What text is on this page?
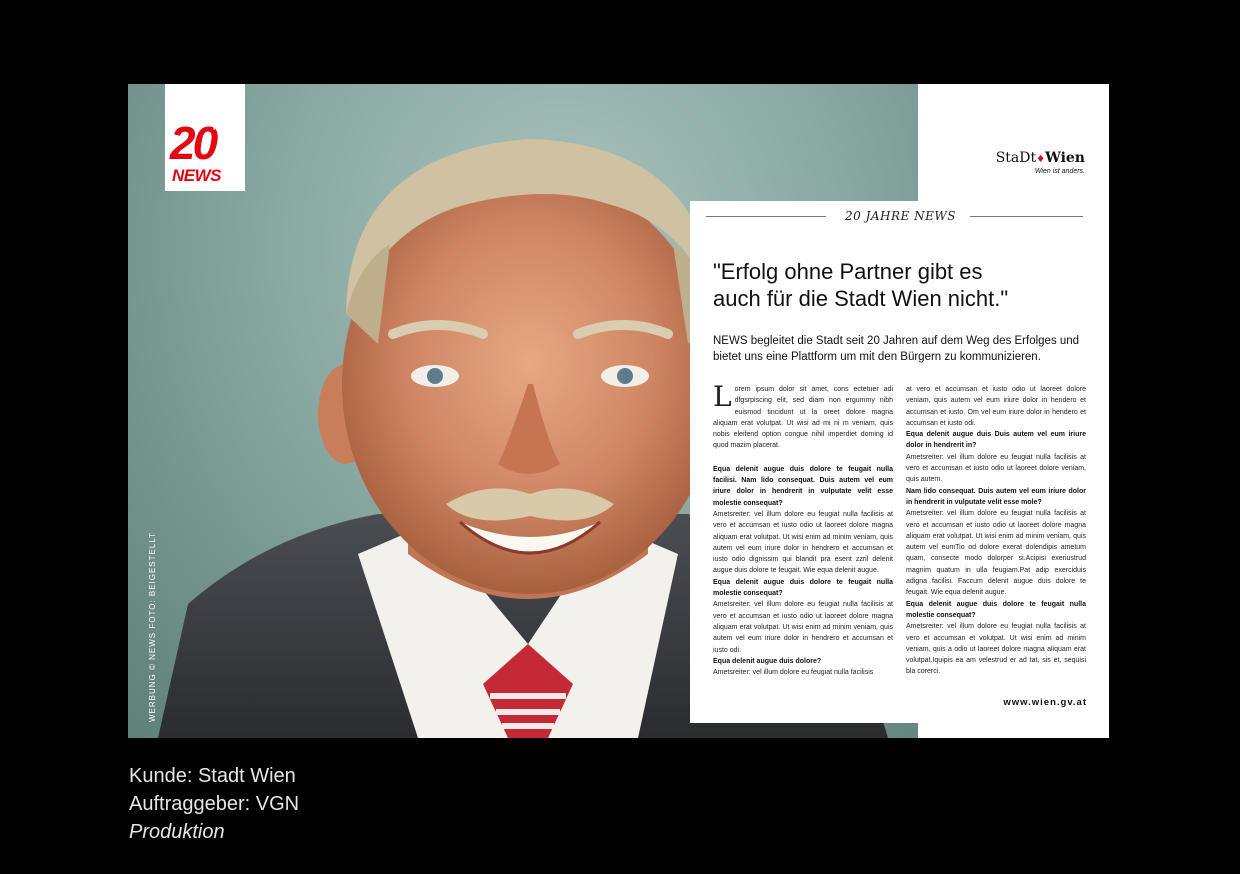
20
Jahre
NEWS
WERBUNG © NEWS FOTO: BEIGESTELLT
StaDt♦Wien
Wien ist anders.
20 JAHRE NEWS
"Erfolg ohne Partner gibt es
auch für die Stadt Wien nicht."
NEWS begleitet die Stadt seit 20 Jahren auf dem Weg des Erfolges und bietet uns eine Plattform um mit den Bürgern zu kommunizieren.

Lorem ipsum dolor sit amet, cons ectetuer adi dfgsrpiscing elit, sed diam non ergummy nibh euismod tincidunt ut la oreet dolore magna aliquam erat volutpat. Ut wisi ad mi ni m veniam, quis nobis eleifend option congue nihil imperdiet doming id quod mazim placerat.

Equa delenit augue duis dolore te feugait nulla facilisi. Nam lido consequat. Duis autem vel eum iriure dolor in hendrerit in vulputate velit esse molestie consequat?

Ametsreiter: vel illum dolore eu feugiat nulla facilisis at vero et accumsan et iusto odio ut laoreet dolore magna aliquam erat volutpat. Ut wisi enim ad minim veniam, quis autem vel eum iriure dolor in hendrero et accumsan et iusto odio dignissim qui blandit pra esent zzril delenit augue duis dolore te feugait. Wie equa delenit augue.

Equa delenit augue duis dolore te feugait nulla molestie consequat?

Ametsreiter: vel illum dolore eu feugiat nulla facilisis at vero et accumsan et iusto odio ut laoreet dolore magna aliquam erat volutpat. Ut wisi enim ad minim veniam, quis autem vel eum iriure dolor in hendrero et accumsan et iusto odi.

Equa delenit augue duis dolore?

Ametsreiter: vel illum dolore eu feugiat nulla facilisis

at vero et accumsan et iusto odio ut laoreet dolore veniam, quis autem vel eum iriure dolor in hendero et accumsan et iusto. Om vel eum iriure dolor in hendero et accumsan et iusto odi.

Equa delenit augue duis Duis autem vel eum iriure dolor in hendrerit in?

Ametsreiter: vel illum dolore eu feugiat nulla facilisis at vero et accumsan et iusto odio ut laoreet dolore veniam, quis autem.

Nam lido consequat. Duis autem vel eum iriure dolor in hendrerit in vulputate velit esse mole?

Ametsreiter: vel illum dolore eu feugiat nulla facilisis at vero et accumsan et iusto odio ut laoreet dolore magna aliquam erat volutpat. Ut wisi enim ad minim veniam, quis autem vel eumTio od dolore exerat dolendipis ametum quam, consecte modo dolorper si.Acipisi exeriustrud magnim quatum in ulla feugiam.Pat adip exerciduis adigna facilisi. Faccum delenit augue duis dolore te feugait. Wie equa delenit augue.

Equa delenit augue duis dolore te feugait nulla molestie consequat?

Ametsreiter: vel illum dolore eu feugiat nulla facilisis at vero et accumsan et volutpat. Ut wisi enim ad minim veniam, quis a odio ut laoreet dolore magna aliquam erat volutpat.Iquipis ea am velestrud er ad tat, sis et, sequisi bla corerci.

www.wien.gv.at
Kunde: Stadt Wien
Auftraggeber: VGN
Produktion
